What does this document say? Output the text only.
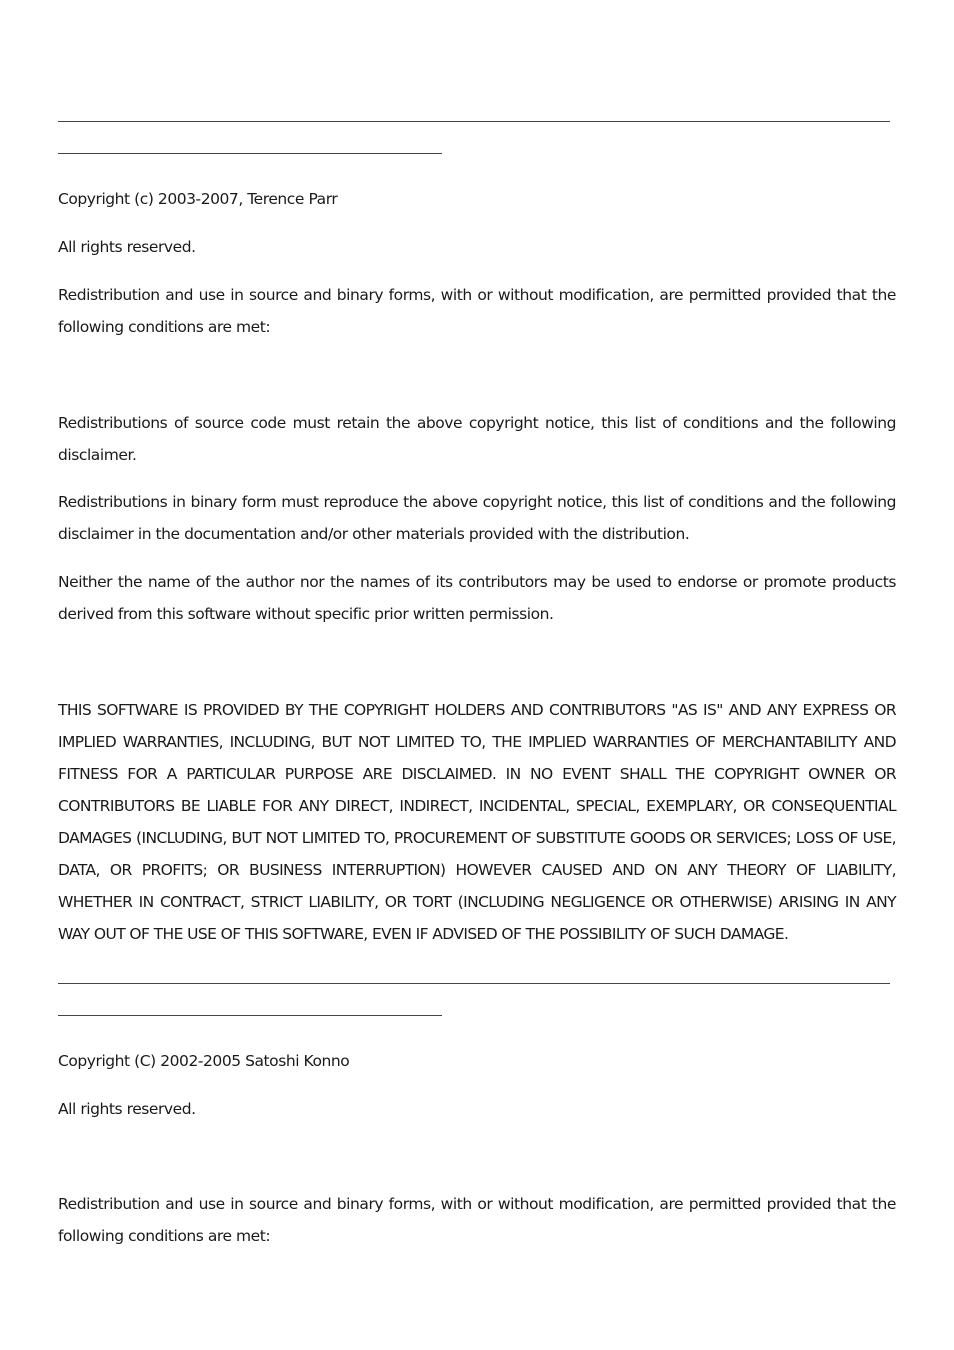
Copyright (c) 2003-2007, Terence Parr

All rights reserved.

Redistribution and use in source and binary forms, with or without modification, are permitted provided that the following conditions are met:

Redistributions of source code must retain the above copyright notice, this list of conditions and the following disclaimer.

Redistributions in binary form must reproduce the above copyright notice, this list of conditions and the following disclaimer in the documentation and/or other materials provided with the distribution.

Neither the name of the author nor the names of its contributors may be used to endorse or promote products derived from this software without specific prior written permission.

THIS SOFTWARE IS PROVIDED BY THE COPYRIGHT HOLDERS AND CONTRIBUTORS "AS IS" AND ANY EXPRESS OR IMPLIED WARRANTIES, INCLUDING, BUT NOT LIMITED TO, THE IMPLIED WARRANTIES OF MERCHANTABILITY AND FITNESS FOR A PARTICULAR PURPOSE ARE DISCLAIMED. IN NO EVENT SHALL THE COPYRIGHT OWNER OR CONTRIBUTORS BE LIABLE FOR ANY DIRECT, INDIRECT, INCIDENTAL, SPECIAL, EXEMPLARY, OR CONSEQUENTIAL DAMAGES (INCLUDING, BUT NOT LIMITED TO, PROCUREMENT OF SUBSTITUTE GOODS OR SERVICES; LOSS OF USE, DATA, OR PROFITS; OR BUSINESS INTERRUPTION) HOWEVER CAUSED AND ON ANY THEORY OF LIABILITY, WHETHER IN CONTRACT, STRICT LIABILITY, OR TORT (INCLUDING NEGLIGENCE OR OTHERWISE) ARISING IN ANY WAY OUT OF THE USE OF THIS SOFTWARE, EVEN IF ADVISED OF THE POSSIBILITY OF SUCH DAMAGE.

Copyright (C) 2002-2005 Satoshi Konno

All rights reserved.

Redistribution and use in source and binary forms, with or without modification, are permitted provided that the following conditions are met:
